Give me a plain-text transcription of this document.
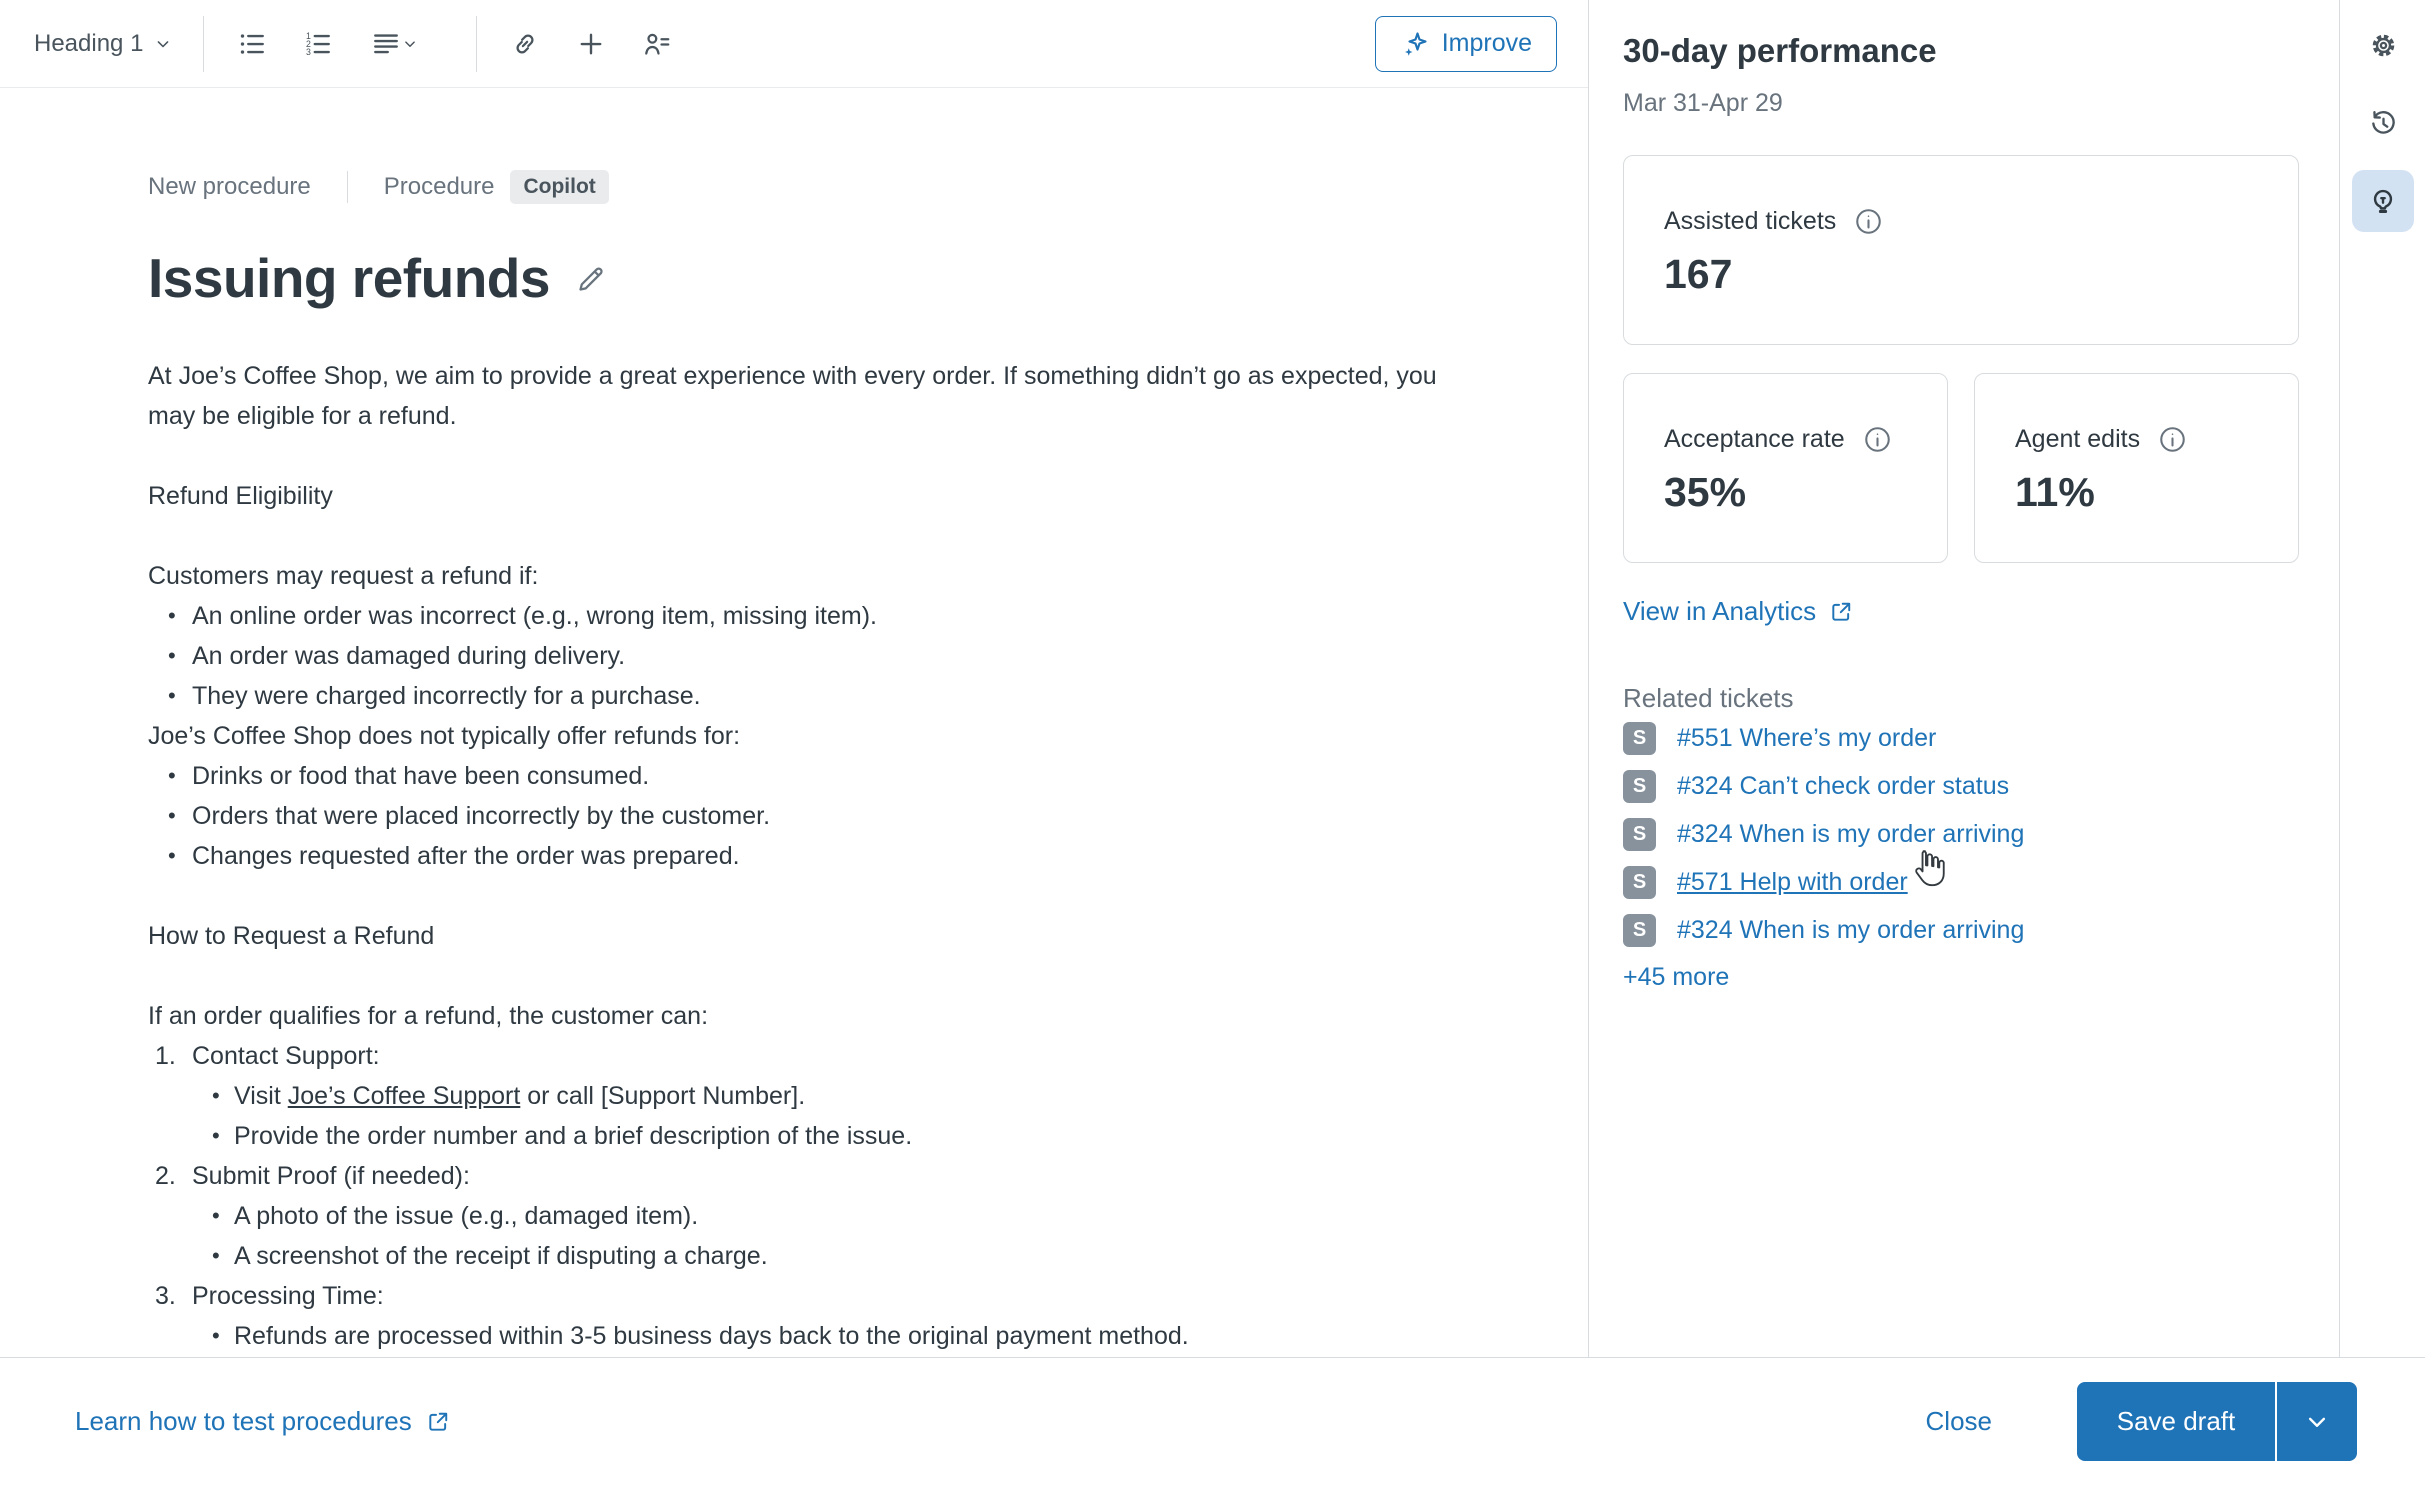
Heading 1	Improve
New procedure	Procedure	Copilot
Issuing refunds

At Joe’s Coffee Shop, we aim to provide a great experience with every order. If something didn’t go as expected, you may be eligible for a refund.

Refund Eligibility

Customers may request a refund if:

• An online order was incorrect (e.g., wrong item, missing item).
• An order was damaged during delivery.
• They were charged incorrectly for a purchase.

Joe’s Coffee Shop does not typically offer refunds for:

• Drinks or food that have been consumed.
• Orders that were placed incorrectly by the customer.
• Changes requested after the order was prepared.

How to Request a Refund

If an order qualifies for a refund, the customer can:

1. Contact Support:
• Visit Joe’s Coffee Support or call [Support Number].
• Provide the order number and a brief description of the issue.
2. Submit Proof (if needed):
• A photo of the issue (e.g., damaged item).
• A screenshot of the receipt if disputing a charge.
3. Processing Time:
• Refunds are processed within 3-5 business days back to the original payment method.
30-day performance
Mar 31-Apr 29
Assisted tickets
167
Acceptance rate
35%
Agent edits
11%
View in Analytics
Related tickets
S	#551 Where’s my order
S	#324 Can’t check order status
S	#324 When is my order arriving
S	#571 Help with order
S	#324 When is my order arriving
+45 more
Learn how to test procedures	Close	Save draft
